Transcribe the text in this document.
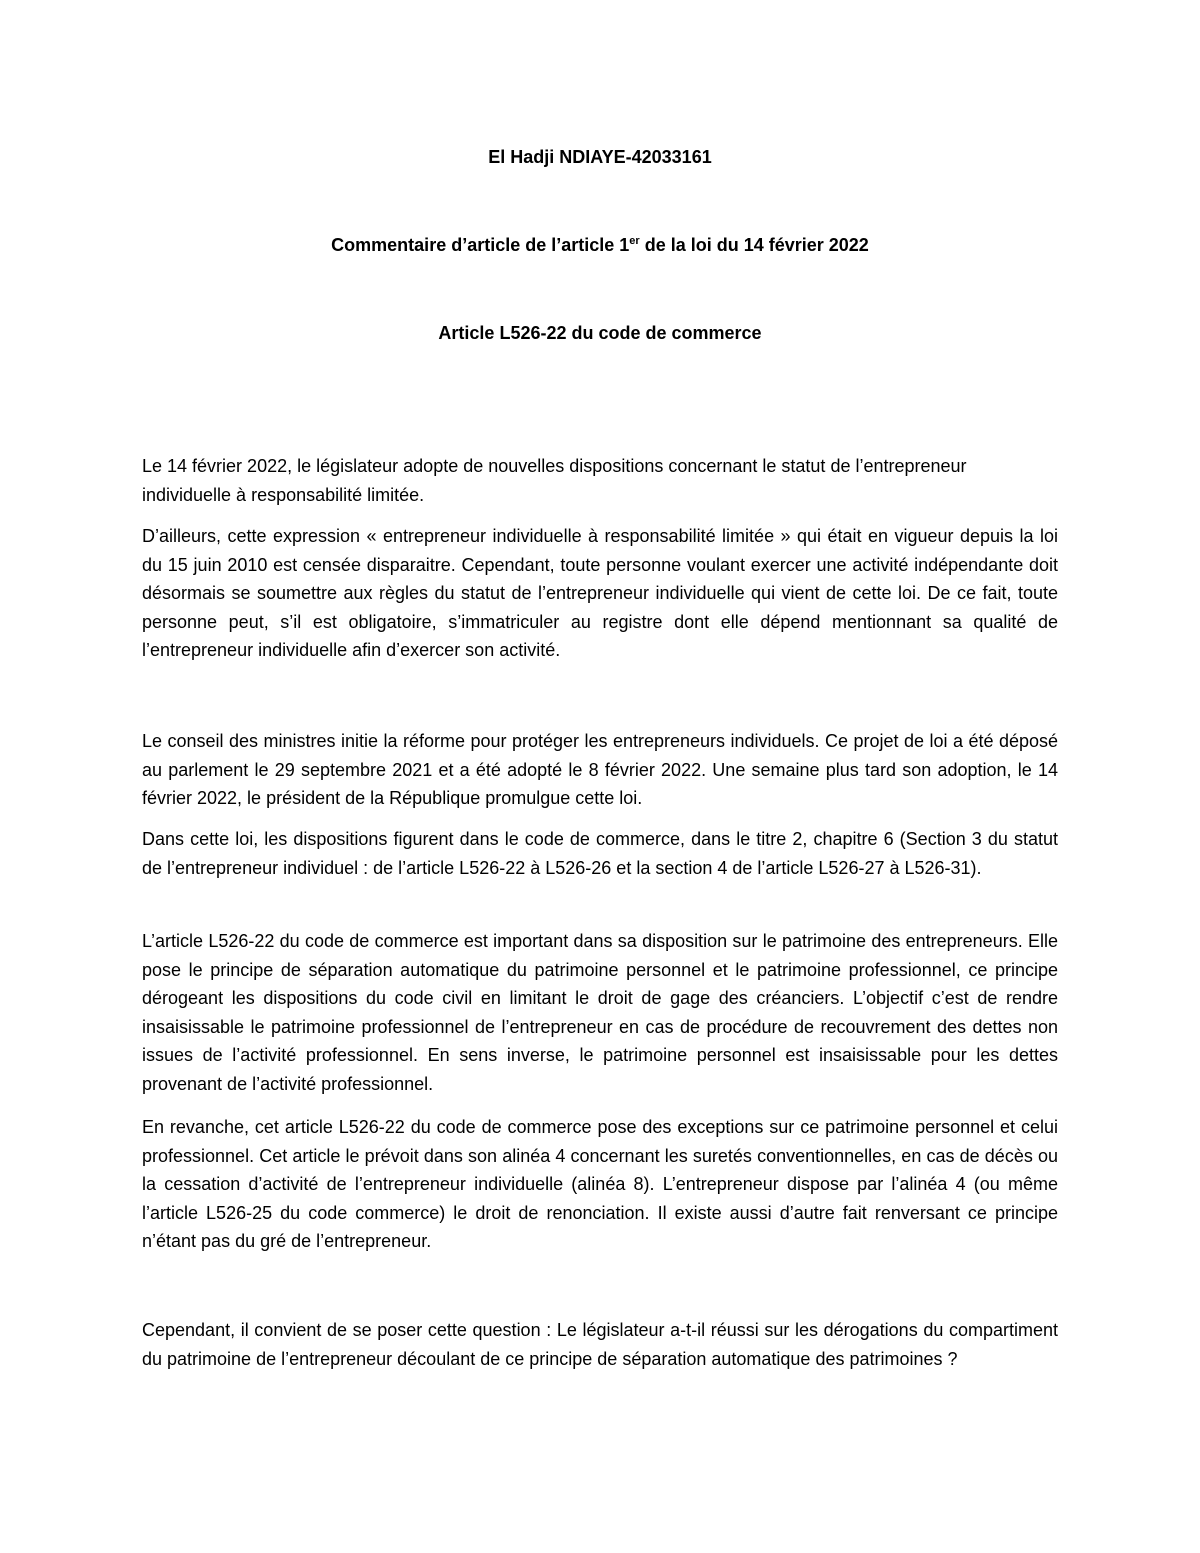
El Hadji NDIAYE-42033161
Commentaire d’article de l’article 1er de la loi du 14 février 2022
Article L526-22 du code de commerce

Le 14 février 2022, le législateur adopte de nouvelles dispositions concernant le statut de l’entrepreneur individuelle à responsabilité limitée.

D’ailleurs, cette expression « entrepreneur individuelle à responsabilité limitée » qui était en vigueur depuis la loi du 15 juin 2010 est censée disparaitre. Cependant, toute personne voulant exercer une activité indépendante doit désormais se soumettre aux règles du statut de l’entrepreneur individuelle qui vient de cette loi. De ce fait, toute personne peut, s’il est obligatoire, s’immatriculer au registre dont elle dépend mentionnant sa qualité de l’entrepreneur individuelle afin d’exercer son activité.

Le conseil des ministres initie la réforme pour protéger les entrepreneurs individuels. Ce projet de loi a été déposé au parlement le 29 septembre 2021 et a été adopté le 8 février 2022. Une semaine plus tard son adoption, le 14 février 2022, le président de la République promulgue cette loi.

Dans cette loi, les dispositions figurent dans le code de commerce, dans le titre 2, chapitre 6 (Section 3 du statut de l’entrepreneur individuel : de l’article L526-22 à L526-26 et la section 4 de l’article L526-27 à L526-31).

L’article L526-22 du code de commerce est important dans sa disposition sur le patrimoine des entrepreneurs. Elle pose le principe de séparation automatique du patrimoine personnel et le patrimoine professionnel, ce principe dérogeant les dispositions du code civil en limitant le droit de gage des créanciers. L’objectif c’est de rendre insaisissable le patrimoine professionnel de l’entrepreneur en cas de procédure de recouvrement des dettes non issues de l’activité professionnel. En sens inverse, le patrimoine personnel est insaisissable pour les dettes provenant de l’activité professionnel.

En revanche, cet article L526-22 du code de commerce pose des exceptions sur ce patrimoine personnel et celui professionnel. Cet article le prévoit dans son alinéa 4 concernant les suretés conventionnelles, en cas de décès ou la cessation d’activité de l’entrepreneur individuelle (alinéa 8). L’entrepreneur dispose par l’alinéa 4 (ou même l’article L526-25 du code commerce) le droit de renonciation. Il existe aussi d’autre fait renversant ce principe n’étant pas du gré de l’entrepreneur.

Cependant, il convient de se poser cette question : Le législateur a-t-il réussi sur les dérogations du compartiment du patrimoine de l’entrepreneur découlant de ce principe de séparation automatique des patrimoines ?
